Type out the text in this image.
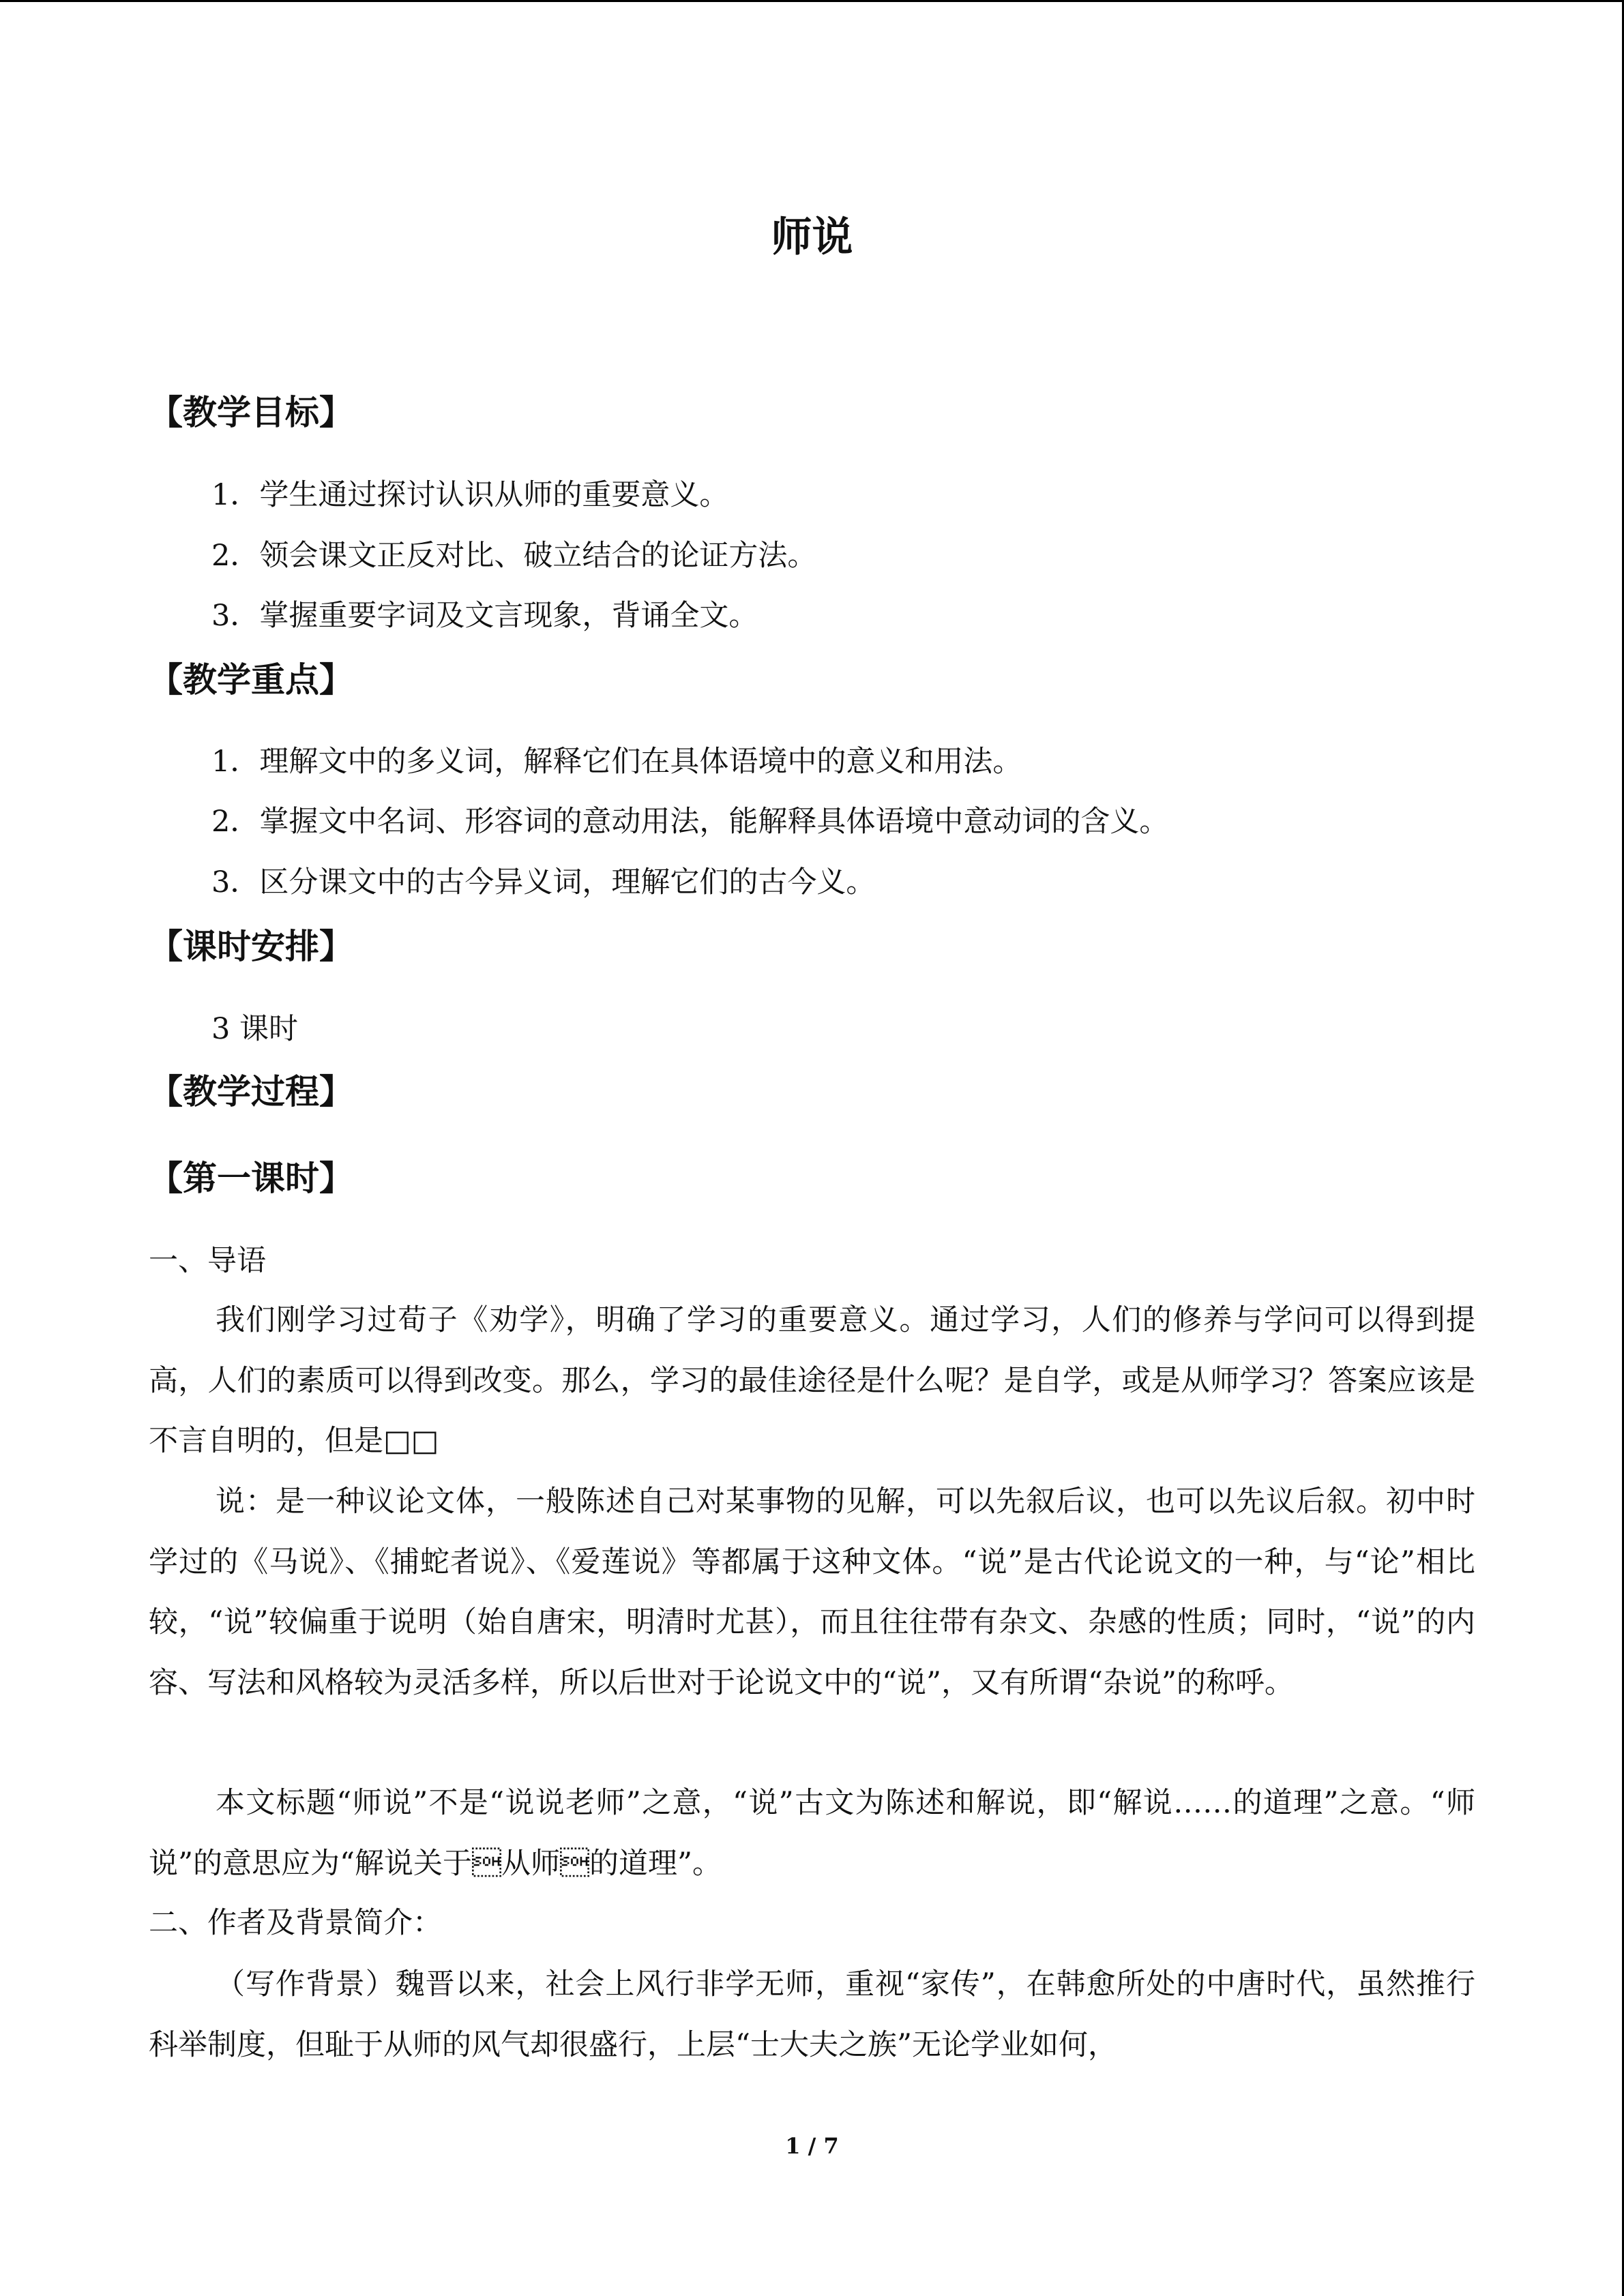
师说
【教学目标】
1．学生通过探讨认识从师的重要意义。
2．领会课文正反对比、破立结合的论证方法。
3．掌握重要字词及文言现象，背诵全文。
【教学重点】
1．理解文中的多义词，解释它们在具体语境中的意义和用法。
2．掌握文中名词、形容词的意动用法，能解释具体语境中意动词的含义。
3．区分课文中的古今异义词，理解它们的古今义。
【课时安排】
3 课时
【教学过程】
【第一课时】
一、导语

我们刚学习过荀子《劝学》，明确了学习的重要意义。通过学习，人们的修养与学问可以得到提高，人们的素质可以得到改变。那么，学习的最佳途径是什么呢？是自学，或是从师学习？答案应该是不言自明的，但是□□

说：是一种议论文体，一般陈述自己对某事物的见解，可以先叙后议，也可以先议后叙。初中时学过的《马说》、《捕蛇者说》、《爱莲说》等都属于这种文体。“说”是古代论说文的一种，与“论”相比较，“说”较偏重于说明（始自唐宋，明清时尤甚），而且往往带有杂文、杂感的性质；同时，“说”的内容、写法和风格较为灵活多样，所以后世对于论说文中的“说”，又有所谓“杂说”的称呼。

本文标题“师说”不是“说说老师”之意，“说”古文为陈述和解说，即“解说……的道理”之意。“师说”的意思应为“解说关于从师的道理”。

二、作者及背景简介：

（写作背景）魏晋以来，社会上风行非学无师，重视“家传”，在韩愈所处的中唐时代，虽然推行科举制度，但耻于从师的风气却很盛行，上层“士大夫之族”无论学业如何，

1 / 7
